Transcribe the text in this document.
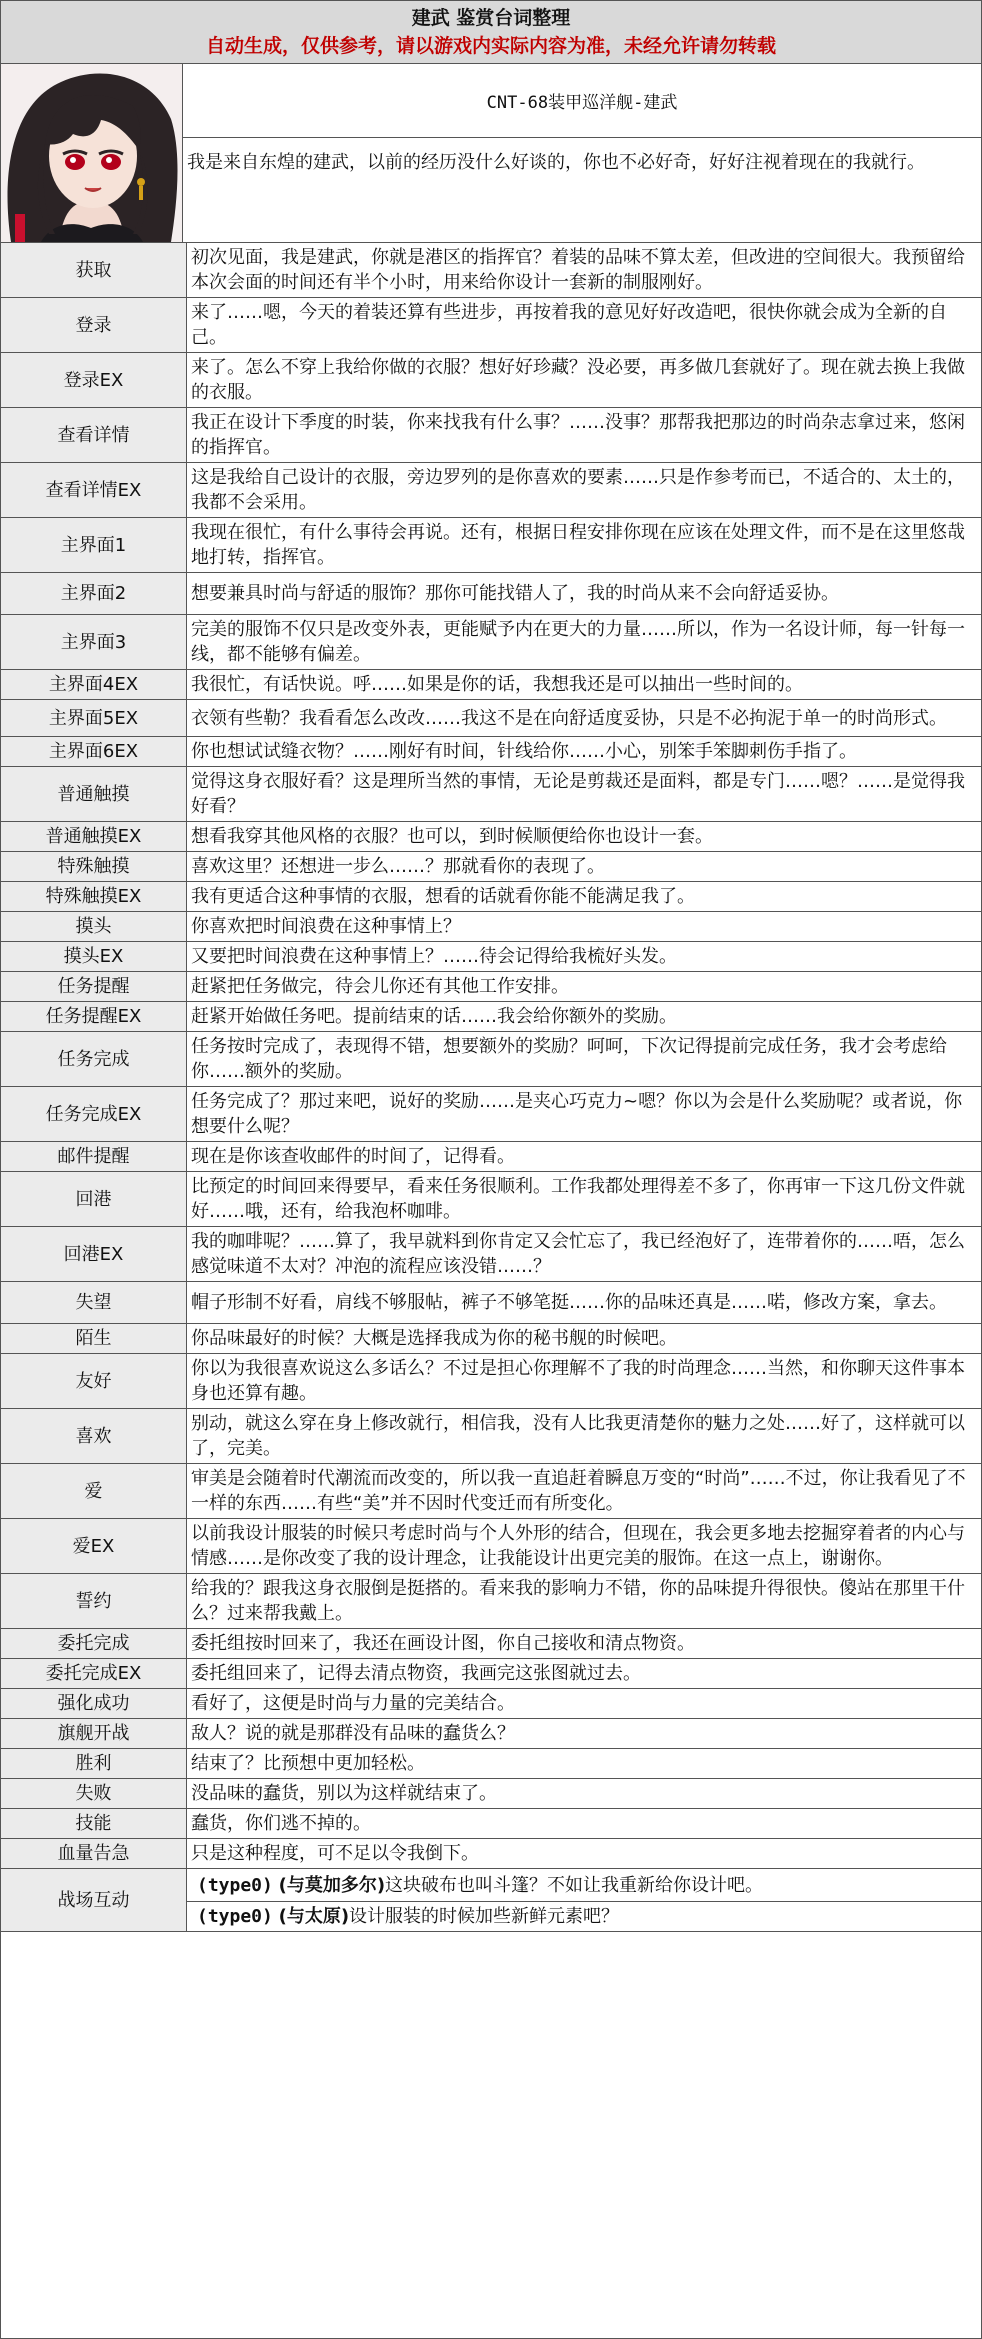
建武 鉴赏台词整理
自动生成，仅供参考，请以游戏内实际内容为准，未经允许请勿转载
CNT-68装甲巡洋舰-建武
我是来自东煌的建武，以前的经历没什么好谈的，你也不必好奇，好好注视着现在的我就行。
获取	初次见面，我是建武，你就是港区的指挥官？着装的品味不算太差，但改进的空间很大。我预留给本次会面的时间还有半个小时，用来给你设计一套新的制服刚好。
登录	来了……嗯，今天的着装还算有些进步，再按着我的意见好好改造吧，很快你就会成为全新的自己。
登录EX	来了。怎么不穿上我给你做的衣服？想好好珍藏？没必要，再多做几套就好了。现在就去换上我做的衣服。
查看详情	我正在设计下季度的时装，你来找我有什么事？……没事？那帮我把那边的时尚杂志拿过来，悠闲的指挥官。
查看详情EX	这是我给自己设计的衣服，旁边罗列的是你喜欢的要素……只是作参考而已，不适合的、太土的，我都不会采用。
主界面1	我现在很忙，有什么事待会再说。还有，根据日程安排你现在应该在处理文件，而不是在这里悠哉地打转，指挥官。
主界面2	想要兼具时尚与舒适的服饰？那你可能找错人了，我的时尚从来不会向舒适妥协。
主界面3	完美的服饰不仅只是改变外表，更能赋予内在更大的力量……所以，作为一名设计师，每一针每一线，都不能够有偏差。
主界面4EX	我很忙，有话快说。呼……如果是你的话，我想我还是可以抽出一些时间的。
主界面5EX	衣领有些勒？我看看怎么改改……我这不是在向舒适度妥协，只是不必拘泥于单一的时尚形式。
主界面6EX	你也想试试缝衣物？……刚好有时间，针线给你……小心，别笨手笨脚刺伤手指了。
普通触摸	觉得这身衣服好看？这是理所当然的事情，无论是剪裁还是面料，都是专门……嗯？……是觉得我好看？
普通触摸EX	想看我穿其他风格的衣服？也可以，到时候顺便给你也设计一套。
特殊触摸	喜欢这里？还想进一步么……？那就看你的表现了。
特殊触摸EX	我有更适合这种事情的衣服，想看的话就看你能不能满足我了。
摸头	你喜欢把时间浪费在这种事情上？
摸头EX	又要把时间浪费在这种事情上？……待会记得给我梳好头发。
任务提醒	赶紧把任务做完，待会儿你还有其他工作安排。
任务提醒EX	赶紧开始做任务吧。提前结束的话……我会给你额外的奖励。
任务完成	任务按时完成了，表现得不错，想要额外的奖励？呵呵，下次记得提前完成任务，我才会考虑给你……额外的奖励。
任务完成EX	任务完成了？那过来吧，说好的奖励……是夹心巧克力~嗯？你以为会是什么奖励呢？或者说，你想要什么呢？
邮件提醒	现在是你该查收邮件的时间了，记得看。
回港	比预定的时间回来得要早，看来任务很顺利。工作我都处理得差不多了，你再审一下这几份文件就好……哦，还有，给我泡杯咖啡。
回港EX	我的咖啡呢？……算了，我早就料到你肯定又会忙忘了，我已经泡好了，连带着你的……唔，怎么感觉味道不太对？冲泡的流程应该没错……？
失望	帽子形制不好看，肩线不够服帖，裤子不够笔挺……你的品味还真是……喏，修改方案，拿去。
陌生	你品味最好的时候？大概是选择我成为你的秘书舰的时候吧。
友好	你以为我很喜欢说这么多话么？不过是担心你理解不了我的时尚理念……当然，和你聊天这件事本身也还算有趣。
喜欢	别动，就这么穿在身上修改就行，相信我，没有人比我更清楚你的魅力之处……好了，这样就可以了，完美。
爱	审美是会随着时代潮流而改变的，所以我一直追赶着瞬息万变的“时尚”……不过，你让我看见了不一样的东西……有些“美”并不因时代变迁而有所变化。
爱EX	以前我设计服装的时候只考虑时尚与个人外形的结合，但现在，我会更多地去挖掘穿着者的内心与情感……是你改变了我的设计理念，让我能设计出更完美的服饰。在这一点上，谢谢你。
誓约	给我的？跟我这身衣服倒是挺搭的。看来我的影响力不错，你的品味提升得很快。傻站在那里干什么？过来帮我戴上。
委托完成	委托组按时回来了，我还在画设计图，你自己接收和清点物资。
委托完成EX	委托组回来了，记得去清点物资，我画完这张图就过去。
强化成功	看好了，这便是时尚与力量的完美结合。
旗舰开战	敌人？说的就是那群没有品味的蠢货么？
胜利	结束了？比预想中更加轻松。
失败	没品味的蠢货，别以为这样就结束了。
技能	蠢货，你们逃不掉的。
血量告急	只是这种程度，可不足以令我倒下。
战场互动	(type0) (与莫加多尔)这块破布也叫斗篷？不如让我重新给你设计吧。
	(type0) (与太原)设计服装的时候加些新鲜元素吧？
